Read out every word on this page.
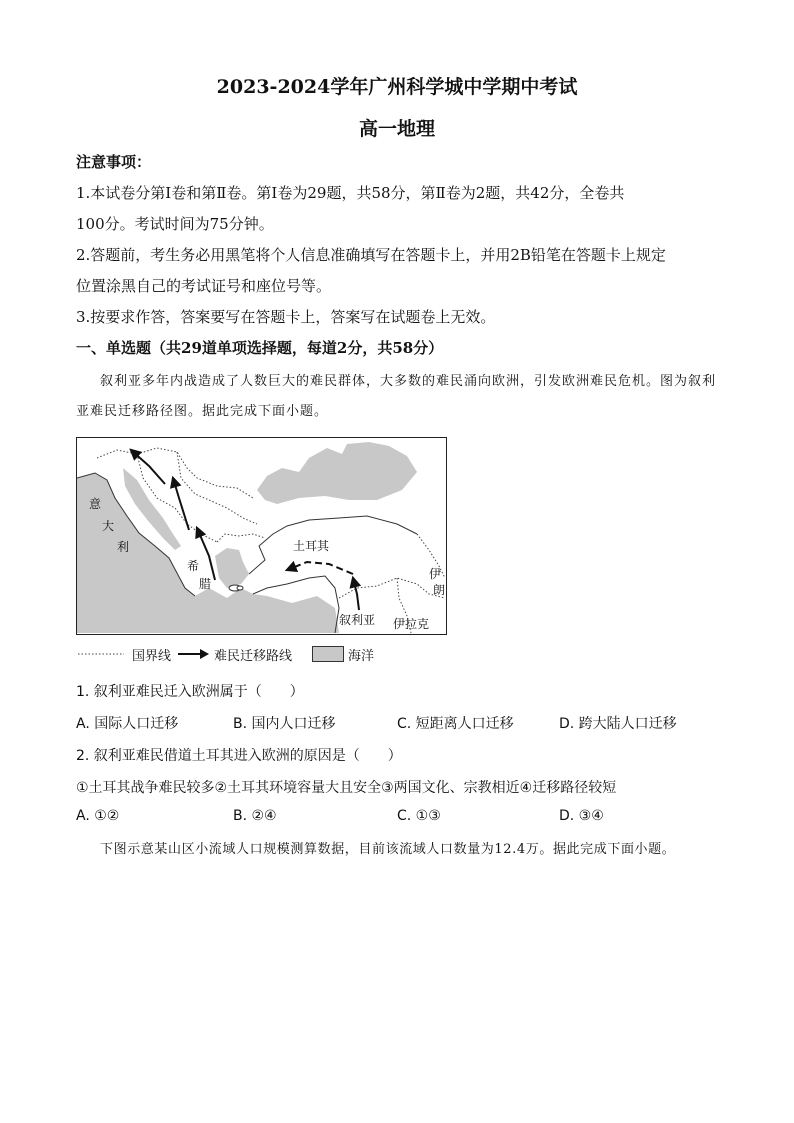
2023-2024学年广州科学城中学期中考试
高一地理
注意事项：
1.本试卷分第Ⅰ卷和第Ⅱ卷。第Ⅰ卷为29题，共58分，第Ⅱ卷为2题，共42分，全卷共
100分。考试时间为75分钟。
2.答题前，考生务必用黑笔将个人信息准确填写在答题卡上，并用2B铅笔在答题卡上规定
位置涂黑自己的考试证号和座位号等。
3.按要求作答，答案要写在答题卡上，答案写在试题卷上无效。
一、单选题（共29道单项选择题，每道2分，共58分）
叙利亚多年内战造成了人数巨大的难民群体，大多数的难民涌向欧洲，引发欧洲难民危机。图为叙利
亚难民迁移路径图。据此完成下面小题。
意
大
利
希
腊
土耳其
伊
朗
叙利亚 伊拉克
国界线	难民迁移路线	海洋
1. 叙利亚难民迁入欧洲属于（　　）
A. 国际人口迁移	B. 国内人口迁移	C. 短距离人口迁移	D. 跨大陆人口迁移
2. 叙利亚难民借道土耳其进入欧洲的原因是（　　）
①土耳其战争难民较多②土耳其环境容量大且安全③两国文化、宗教相近④迁移路径较短
A. ①②	B. ②④	C. ①③	D. ③④
下图示意某山区小流域人口规模测算数据，目前该流域人口数量为12.4万。据此完成下面小题。
